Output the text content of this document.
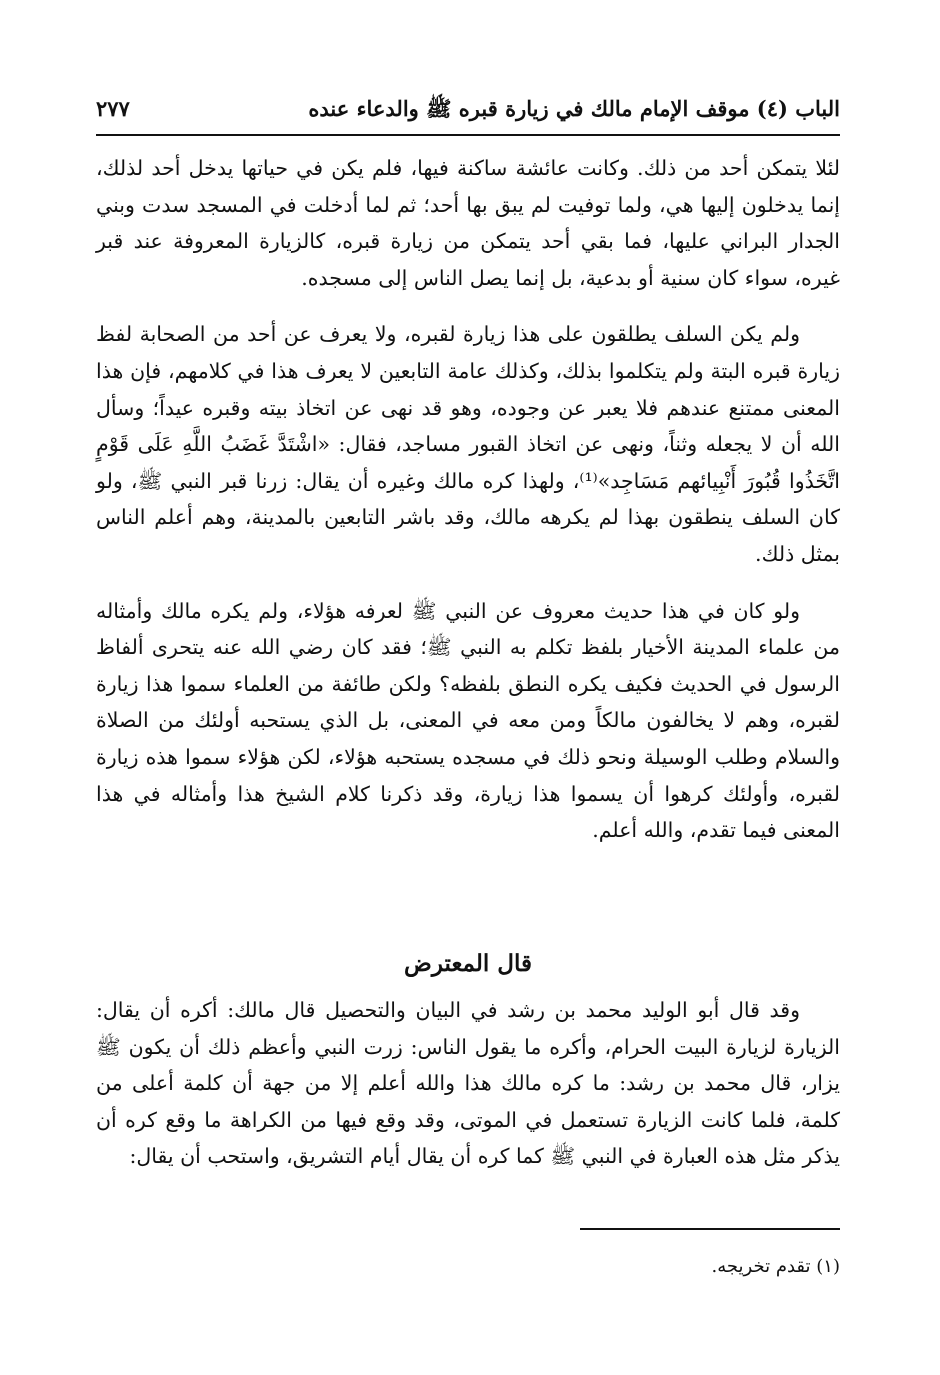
الباب (٤) موقف الإمام مالك في زيارة قبره ﷺ والدعاء عنده
٢٧٧

لئلا يتمكن أحد من ذلك. وكانت عائشة ساكنة فيها، فلم يكن في حياتها يدخل أحد لذلك، إنما يدخلون إليها هي، ولما توفيت لم يبق بها أحد؛ ثم لما أدخلت في المسجد سدت وبني الجدار البراني عليها، فما بقي أحد يتمكن من زيارة قبره، كالزيارة المعروفة عند قبر غيره، سواء كان سنية أو بدعية، بل إنما يصل الناس إلى مسجده.

ولم يكن السلف يطلقون على هذا زيارة لقبره، ولا يعرف عن أحد من الصحابة لفظ زيارة قبره البتة ولم يتكلموا بذلك، وكذلك عامة التابعين لا يعرف هذا في كلامهم، فإن هذا المعنى ممتنع عندهم فلا يعبر عن وجوده، وهو قد نهى عن اتخاذ بيته وقبره عيداً؛ وسأل الله أن لا يجعله وثناً، ونهى عن اتخاذ القبور مساجد، فقال: «اشْتَدَّ غَضَبُ اللَّهِ عَلَى قَوْمٍ اتَّخَذُوا قُبُورَ أَنْبِيائهم مَسَاجِد»⁽¹⁾، ولهذا كره مالك وغيره أن يقال: زرنا قبر النبي ﷺ، ولو كان السلف ينطقون بهذا لم يكرهه مالك، وقد باشر التابعين بالمدينة، وهم أعلم الناس بمثل ذلك.

ولو كان في هذا حديث معروف عن النبي ﷺ لعرفه هؤلاء، ولم يكره مالك وأمثاله من علماء المدينة الأخيار بلفظ تكلم به النبي ﷺ؛ فقد كان رضي الله عنه يتحرى ألفاظ الرسول في الحديث فكيف يكره النطق بلفظه؟ ولكن طائفة من العلماء سموا هذا زيارة لقبره، وهم لا يخالفون مالكاً ومن معه في المعنى، بل الذي يستحبه أولئك من الصلاة والسلام وطلب الوسيلة ونحو ذلك في مسجده يستحبه هؤلاء، لكن هؤلاء سموا هذه زيارة لقبره، وأولئك كرهوا أن يسموا هذا زيارة، وقد ذكرنا كلام الشيخ هذا وأمثاله في هذا المعنى فيما تقدم، والله أعلم.

قال المعترض

وقد قال أبو الوليد محمد بن رشد في البيان والتحصيل قال مالك: أكره أن يقال: الزيارة لزيارة البيت الحرام، وأكره ما يقول الناس: زرت النبي وأعظم ذلك أن يكون ﷺ يزار، قال محمد بن رشد: ما كره مالك هذا والله أعلم إلا من جهة أن كلمة أعلى من كلمة، فلما كانت الزيارة تستعمل في الموتى، وقد وقع فيها من الكراهة ما وقع كره أن يذكر مثل هذه العبارة في النبي ﷺ كما كره أن يقال أيام التشريق، واستحب أن يقال:

(١) تقدم تخريجه.
